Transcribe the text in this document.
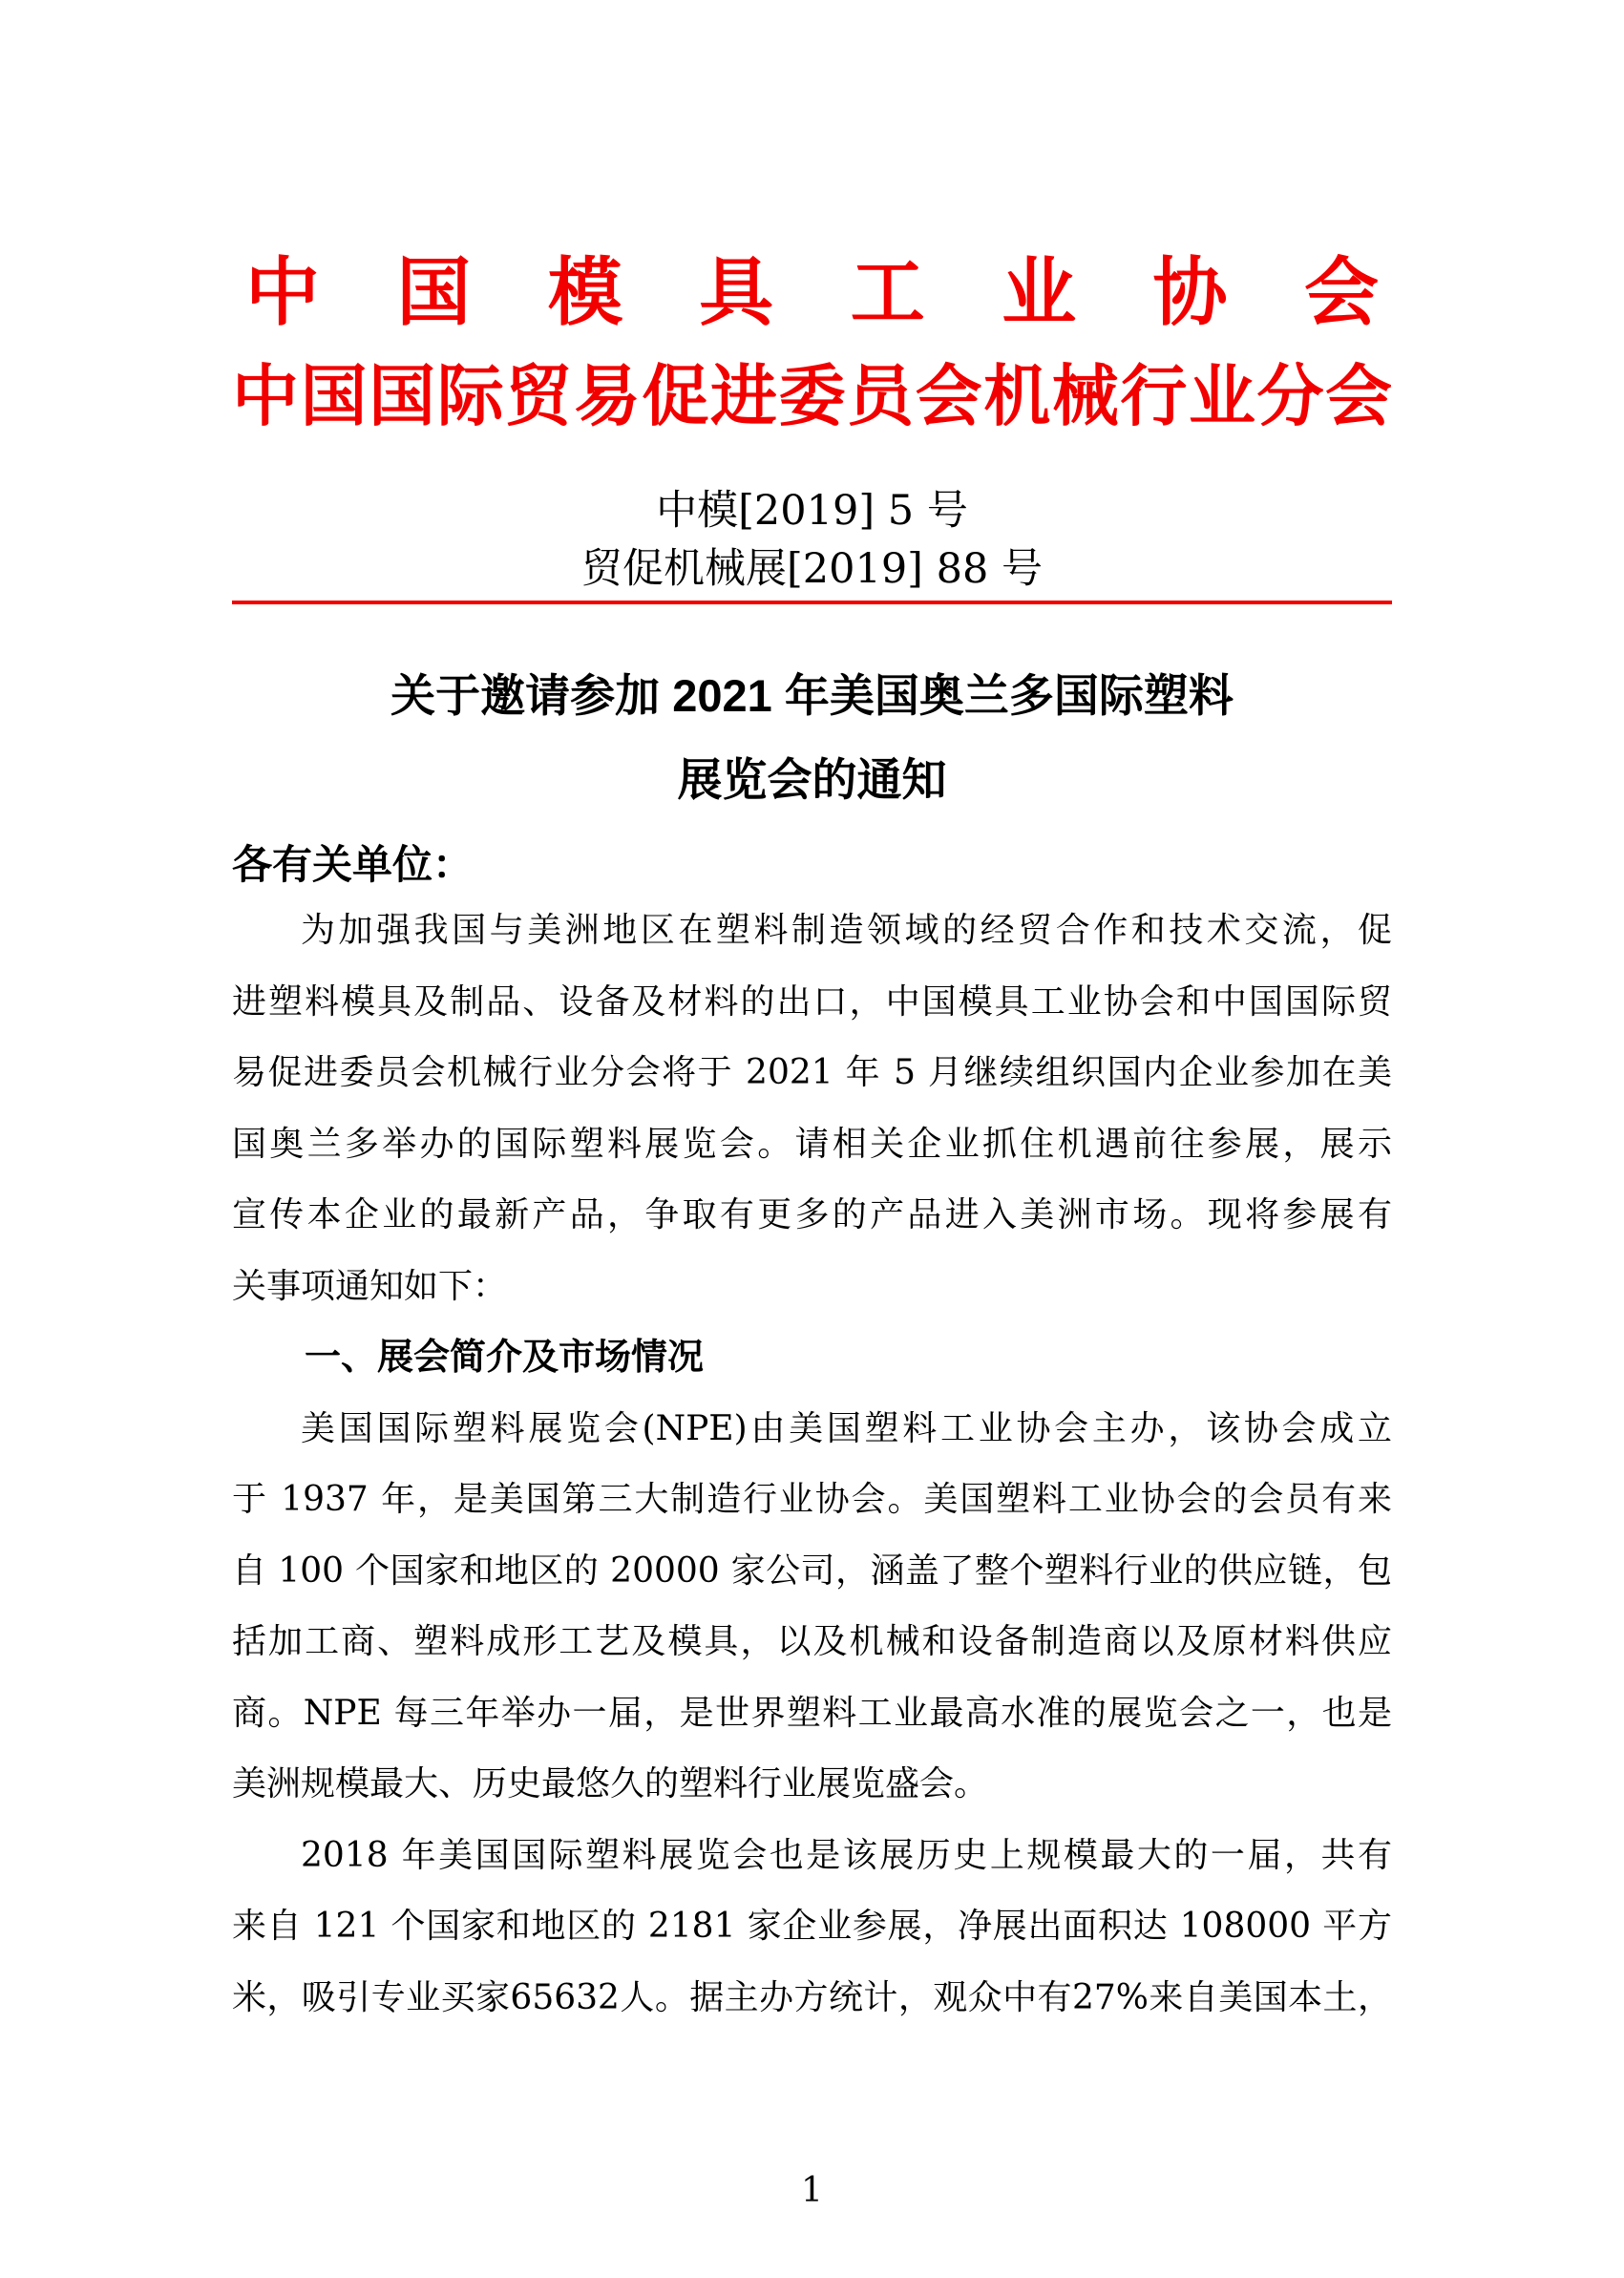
中 国 模 具 工 业 协 会
中 国 国 际 贸 易 促 进 委 员 会 机 械 行 业 分 会
中模[2019] 5 号
贸促机械展[2019] 88 号
关于邀请参加 2021 年美国奥兰多国际塑料
展览会的通知
各有关单位：
为加强我国与美洲地区在塑料制造领域的经贸合作和技术交流，促
进塑料模具及制品、设备及材料的出口，中国模具工业协会和中国国际贸
易促进委员会机械行业分会将于 2021 年 5 月继续组织国内企业参加在美
国奥兰多举办的国际塑料展览会。请相关企业抓住机遇前往参展，展示
宣传本企业的最新产品，争取有更多的产品进入美洲市场。现将参展有
关事项通知如下：
一、展会简介及市场情况
美国国际塑料展览会(NPE)由美国塑料工业协会主办，该协会成立
于 1937 年，是美国第三大制造行业协会。美国塑料工业协会的会员有来
自 100 个国家和地区的 20000 家公司，涵盖了整个塑料行业的供应链，包
括加工商、塑料成形工艺及模具，以及机械和设备制造商以及原材料供应
商。NPE 每三年举办一届，是世界塑料工业最高水准的展览会之一，也是
美洲规模最大、历史最悠久的塑料行业展览盛会。
2018 年美国国际塑料展览会也是该展历史上规模最大的一届，共有
来自 121 个国家和地区的 2181 家企业参展，净展出面积达 108000 平方
米，吸引专业买家65632人。据主办方统计，观众中有27%来自美国本土，
1
